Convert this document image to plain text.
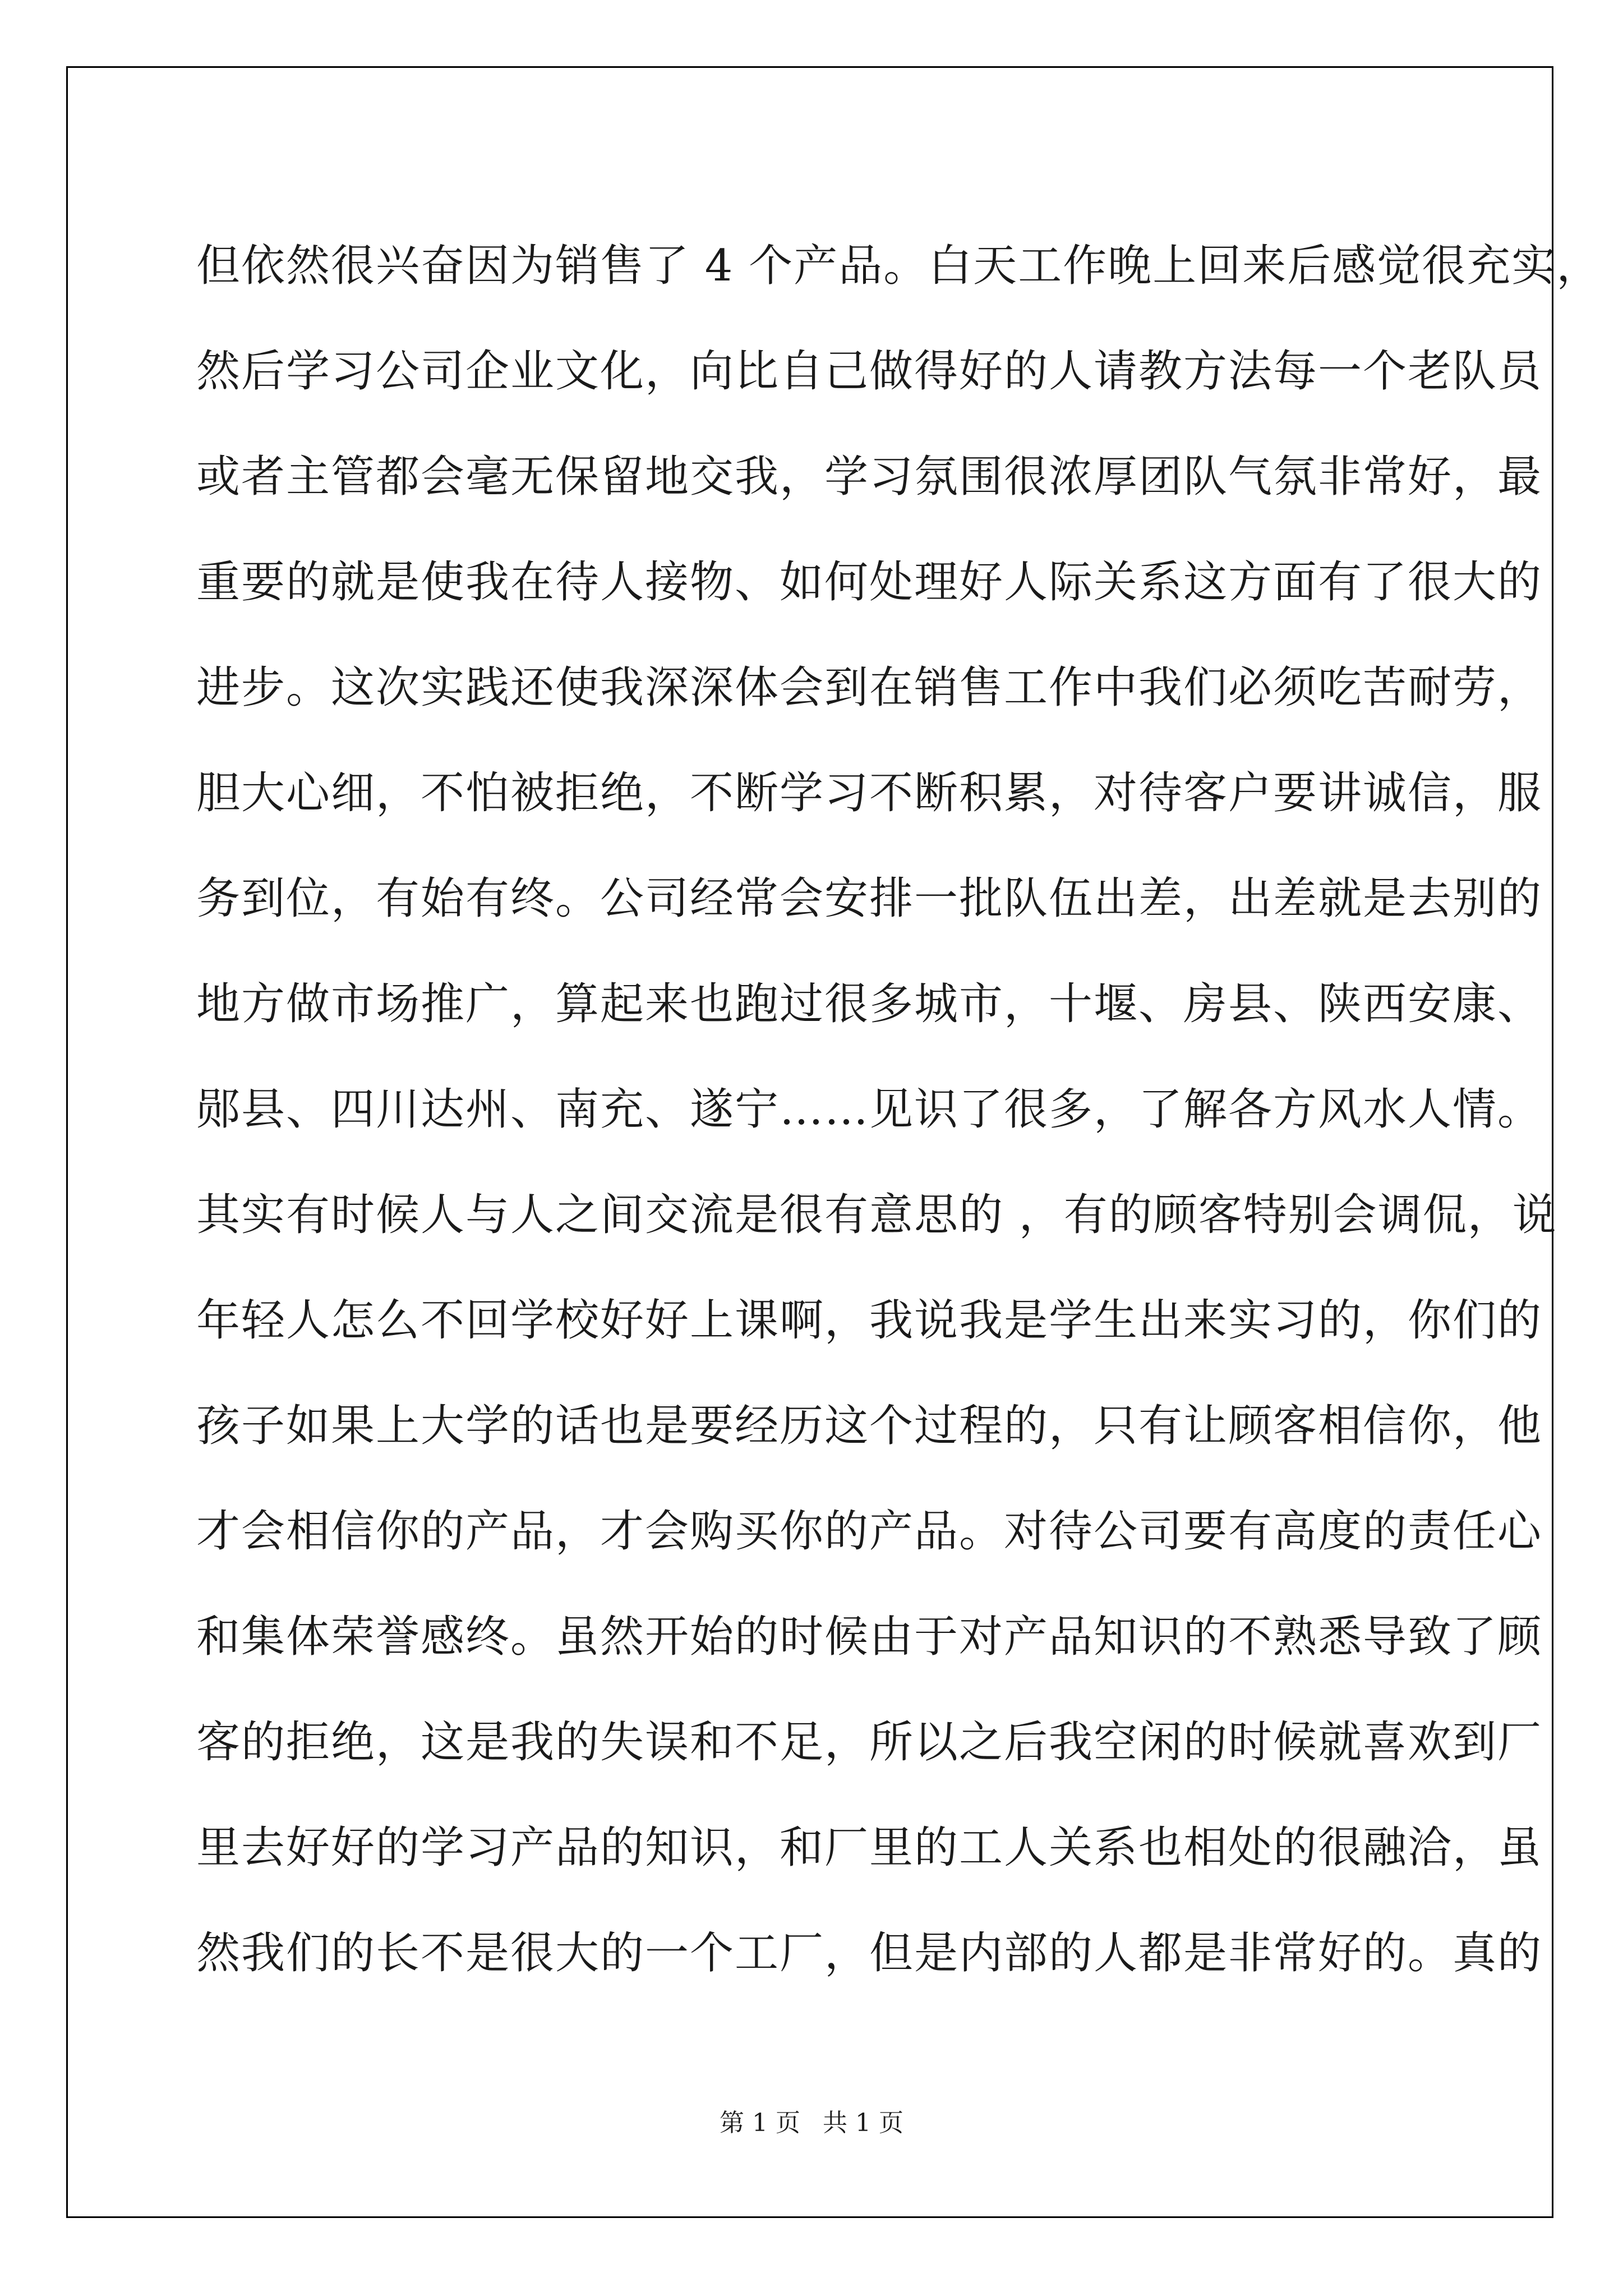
但依然很兴奋因为销售了 4 个产品。白天工作晚上回来后感觉很充实，
然后学习公司企业文化，向比自己做得好的人请教方法每一个老队员
或者主管都会毫无保留地交我，学习氛围很浓厚团队气氛非常好，最
重要的就是使我在待人接物、如何处理好人际关系这方面有了很大的
进步。这次实践还使我深深体会到在销售工作中我们必须吃苦耐劳，
胆大心细，不怕被拒绝，不断学习不断积累，对待客户要讲诚信，服
务到位，有始有终。公司经常会安排一批队伍出差，出差就是去别的
地方做市场推广，算起来也跑过很多城市，十堰、房县、陕西安康、
郧县、四川达州、南充、遂宁……见识了很多，了解各方风水人情。
其实有时候人与人之间交流是很有意思的 ，有的顾客特别会调侃，说
年轻人怎么不回学校好好上课啊，我说我是学生出来实习的，你们的
孩子如果上大学的话也是要经历这个过程的，只有让顾客相信你，他
才会相信你的产品，才会购买你的产品。对待公司要有高度的责任心
和集体荣誉感终。虽然开始的时候由于对产品知识的不熟悉导致了顾
客的拒绝，这是我的失误和不足，所以之后我空闲的时候就喜欢到厂
里去好好的学习产品的知识，和厂里的工人关系也相处的很融洽，虽
然我们的长不是很大的一个工厂，但是内部的人都是非常好的。真的
第 1 页 共 1 页
